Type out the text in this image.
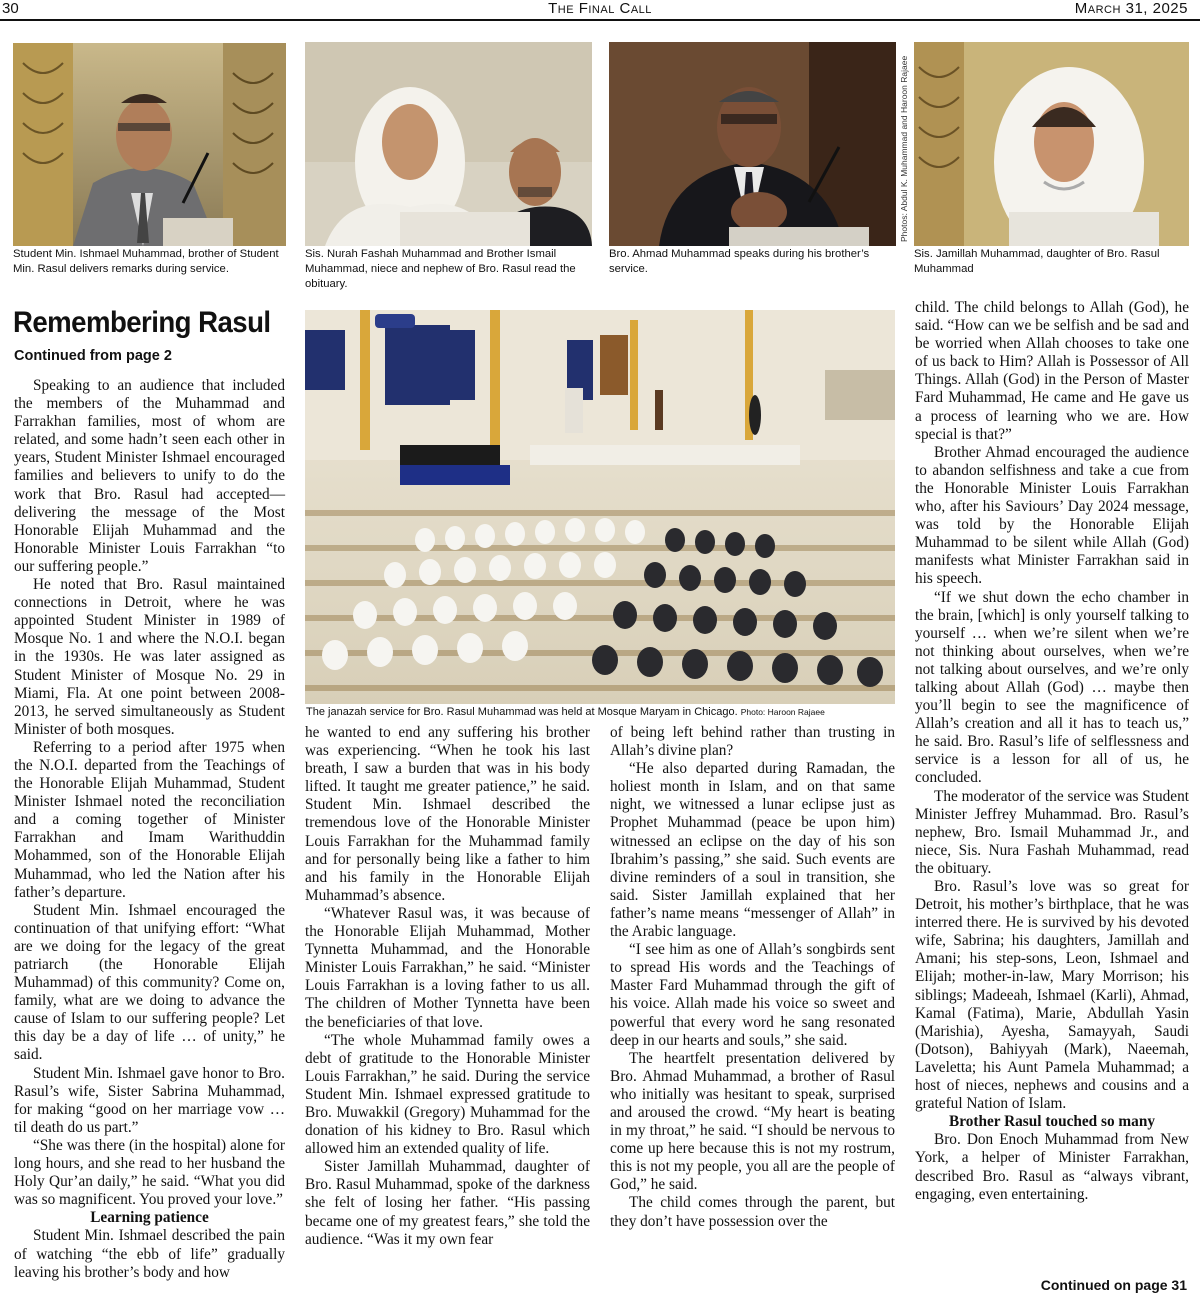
30	The Final Call	March 31, 2025
Student Min. Ishmael Muhammad, brother of Student Min. Rasul delivers remarks during service.
Sis. Nurah Fashah Muhammad and Brother Ismail Muhammad, niece and nephew of Bro. Rasul read the obituary.
Photos: Abdul K. Muhammad and Haroon Rajaee
Bro. Ahmad Muhammad speaks during his brother’s service.
Sis. Jamillah Muhammad, daughter of Bro. Rasul Muhammad
Remembering Rasul
Continued from page 2
The janazah service for Bro. Rasul Muhammad was held at Mosque Maryam in Chicago. Photo: Haroon Rajaee

Speaking to an audience that included the members of the Muhammad and Farrakhan families, most of whom are related, and some hadn’t seen each other in years, Student Minister Ishmael encouraged families and believers to unify to do the work that Bro. Rasul had accepted—delivering the message of the Most Honorable Elijah Muhammad and the Honorable Minister Louis Farrakhan “to our suffering people.”

He noted that Bro. Rasul maintained connections in Detroit, where he was appointed Student Minister in 1989 of Mosque No. 1 and where the N.O.I. began in the 1930s. He was later assigned as Student Minister of Mosque No. 29 in Miami, Fla. At one point between 2008-2013, he served simultaneously as Student Minister of both mosques.

Referring to a period after 1975 when the N.O.I. departed from the Teachings of the Honorable Elijah Muhammad, Student Minister Ishmael noted the reconciliation and a coming together of Minister Farrakhan and Imam Warithuddin Mohammed, son of the Honorable Elijah Muhammad, who led the Nation after his father’s departure.

Student Min. Ishmael encouraged the continuation of that unifying effort: “What are we doing for the legacy of the great patriarch (the Honorable Elijah Muhammad) of this community? Come on, family, what are we doing to advance the cause of Islam to our suffering people? Let this day be a day of life … of unity,” he said.

Student Min. Ishmael gave honor to Bro. Rasul’s wife, Sister Sabrina Muhammad, for making “good on her marriage vow … til death do us part.”

“She was there (in the hospital) alone for long hours, and she read to her husband the Holy Qur’an daily,” he said. “What you did was so magnificent. You proved your love.”

Learning patience

Student Min. Ishmael described the pain of watching “the ebb of life” gradually leaving his brother’s body and how

he wanted to end any suffering his brother was experiencing. “When he took his last breath, I saw a burden that was in his body lifted. It taught me greater patience,” he said. Student Min. Ishmael described the tremendous love of the Honorable Minister Louis Farrakhan for the Muhammad family and for personally being like a father to him and his family in the Honorable Elijah Muhammad’s absence.

“Whatever Rasul was, it was because of the Honorable Elijah Muhammad, Mother Tynnetta Muhammad, and the Honorable Minister Louis Farrakhan,” he said. “Minister Louis Farrakhan is a loving father to us all. The children of Mother Tynnetta have been the beneficiaries of that love.

“The whole Muhammad family owes a debt of gratitude to the Honorable Minister Louis Farrakhan,” he said. During the service Student Min. Ishmael expressed gratitude to Bro. Muwakkil (Gregory) Muhammad for the donation of his kidney to Bro. Rasul which allowed him an extended quality of life.

Sister Jamillah Muhammad, daughter of Bro. Rasul Muhammad, spoke of the darkness she felt of losing her father. “His passing became one of my greatest fears,” she told the audience. “Was it my own fear

of being left behind rather than trusting in Allah’s divine plan?

“He also departed during Ramadan, the holiest month in Islam, and on that same night, we witnessed a lunar eclipse just as Prophet Muhammad (peace be upon him) witnessed an eclipse on the day of his son Ibrahim’s passing,” she said. Such events are divine reminders of a soul in transition, she said. Sister Jamillah explained that her father’s name means “messenger of Allah” in the Arabic language.

“I see him as one of Allah’s songbirds sent to spread His words and the Teachings of Master Fard Muhammad through the gift of his voice. Allah made his voice so sweet and powerful that every word he sang resonated deep in our hearts and souls,” she said.

The heartfelt presentation delivered by Bro. Ahmad Muhammad, a brother of Rasul who initially was hesitant to speak, surprised and aroused the crowd. “My heart is beating in my throat,” he said. “I should be nervous to come up here because this is not my rostrum, this is not my people, you all are the people of God,” he said.

The child comes through the parent, but they don’t have possession over the

child. The child belongs to Allah (God), he said. “How can we be selfish and be sad and be worried when Allah chooses to take one of us back to Him? Allah is Possessor of All Things. Allah (God) in the Person of Master Fard Muhammad, He came and He gave us a process of learning who we are. How special is that?”

Brother Ahmad encouraged the audience to abandon selfishness and take a cue from the Honorable Minister Louis Farrakhan who, after his Saviours’ Day 2024 message, was told by the Honorable Elijah Muhammad to be silent while Allah (God) manifests what Minister Farrakhan said in his speech.

“If we shut down the echo chamber in the brain, [which] is only yourself talking to yourself … when we’re silent when we’re not thinking about ourselves, when we’re not talking about ourselves, and we’re only talking about Allah (God) … maybe then you’ll begin to see the magnificence of Allah’s creation and all it has to teach us,” he said. Bro. Rasul’s life of selflessness and service is a lesson for all of us, he concluded.

The moderator of the service was Student Minister Jeffrey Muhammad. Bro. Rasul’s nephew, Bro. Ismail Muhammad Jr., and niece, Sis. Nura Fashah Muhammad, read the obituary.

Bro. Rasul’s love was so great for Detroit, his mother’s birthplace, that he was interred there. He is survived by his devoted wife, Sabrina; his daughters, Jamillah and Amani; his step-sons, Leon, Ishmael and Elijah; mother-in-law, Mary Morrison; his siblings; Madeeah, Ishmael (Karli), Ahmad, Kamal (Fatima), Marie, Abdullah Yasin (Marishia), Ayesha, Samayyah, Saudi (Dotson), Bahiyyah (Mark), Naeemah, Laveletta; his Aunt Pamela Muhammad; a host of nieces, nephews and cousins and a grateful Nation of Islam.

Brother Rasul touched so many

Bro. Don Enoch Muhammad from New York, a helper of Minister Farrakhan, described Bro. Rasul as “always vibrant, engaging, even entertaining.

Continued on page 31
